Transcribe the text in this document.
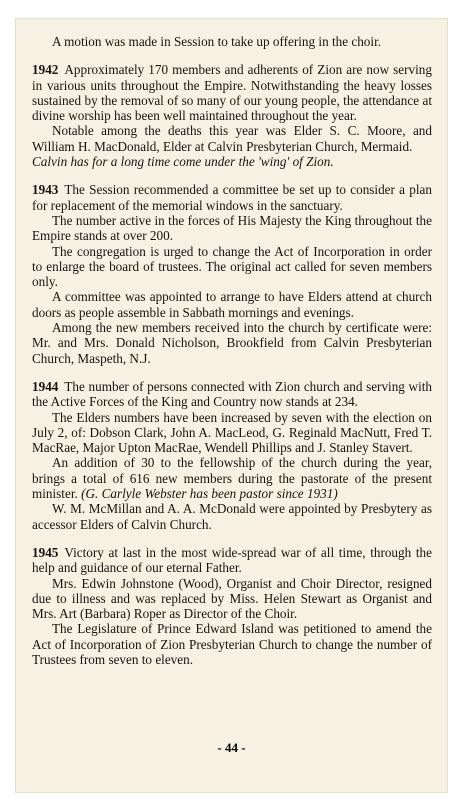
A motion was made in Session to take up offering in the choir.

1942 Approximately 170 members and adherents of Zion are now serving in various units throughout the Empire. Notwithstanding the heavy losses sustained by the removal of so many of our young people, the attendance at divine worship has been well maintained throughout the year.

Notable among the deaths this year was Elder S. C. Moore, and William H. MacDonald, Elder at Calvin Presbyterian Church, Mermaid.

Calvin has for a long time come under the 'wing' of Zion.

1943 The Session recommended a committee be set up to consider a plan for replacement of the memorial windows in the sanctuary.

The number active in the forces of His Majesty the King throughout the Empire stands at over 200.

The congregation is urged to change the Act of Incorporation in order to enlarge the board of trustees. The original act called for seven members only.

A committee was appointed to arrange to have Elders attend at church doors as people assemble in Sabbath mornings and evenings.

Among the new members received into the church by certificate were: Mr. and Mrs. Donald Nicholson, Brookfield from Calvin Presbyterian Church, Maspeth, N.J.

1944 The number of persons connected with Zion church and serving with the Active Forces of the King and Country now stands at 234.

The Elders numbers have been increased by seven with the election on July 2, of: Dobson Clark, John A. MacLeod, G. Reginald MacNutt, Fred T. MacRae, Major Upton MacRae, Wendell Phillips and J. Stanley Stavert.

An addition of 30 to the fellowship of the church during the year, brings a total of 616 new members during the pastorate of the present minister. (G. Carlyle Webster has been pastor since 1931)

W. M. McMillan and A. A. McDonald were appointed by Presbytery as accessor Elders of Calvin Church.

1945 Victory at last in the most wide-spread war of all time, through the help and guidance of our eternal Father.

Mrs. Edwin Johnstone (Wood), Organist and Choir Director, resigned due to illness and was replaced by Miss. Helen Stewart as Organist and Mrs. Art (Barbara) Roper as Director of the Choir.

The Legislature of Prince Edward Island was petitioned to amend the Act of Incorporation of Zion Presbyterian Church to change the number of Trustees from seven to eleven.

- 44 -
